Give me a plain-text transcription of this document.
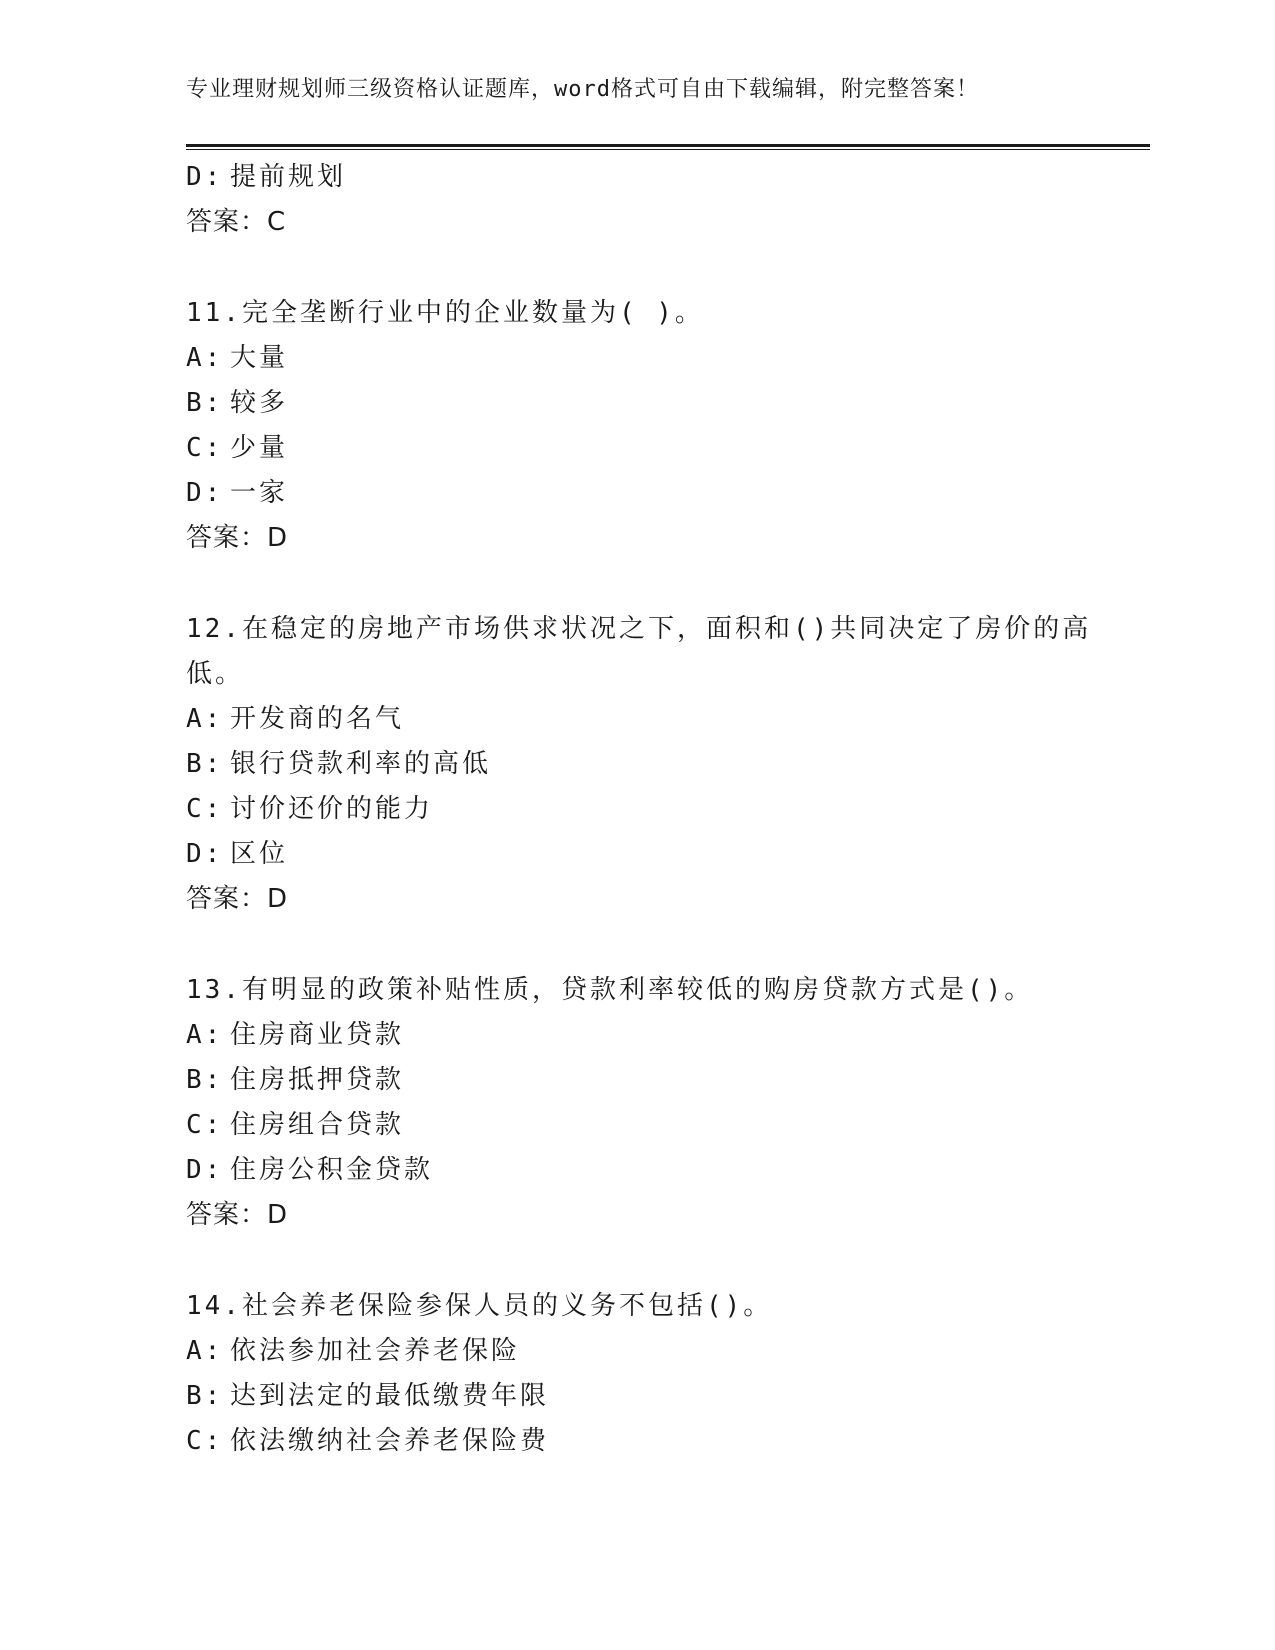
专业理财规划师三级资格认证题库，word格式可自由下载编辑，附完整答案！
D: 提前规划
答案：C
11.完全垄断行业中的企业数量为( )。
A: 大量
B: 较多
C: 少量
D: 一家
答案：D
12.在稳定的房地产市场供求状况之下，面积和()共同决定了房价的高
低。
A: 开发商的名气
B: 银行贷款利率的高低
C: 讨价还价的能力
D: 区位
答案：D
13.有明显的政策补贴性质，贷款利率较低的购房贷款方式是()。
A: 住房商业贷款
B: 住房抵押贷款
C: 住房组合贷款
D: 住房公积金贷款
答案：D
14.社会养老保险参保人员的义务不包括()。
A: 依法参加社会养老保险
B: 达到法定的最低缴费年限
C: 依法缴纳社会养老保险费
